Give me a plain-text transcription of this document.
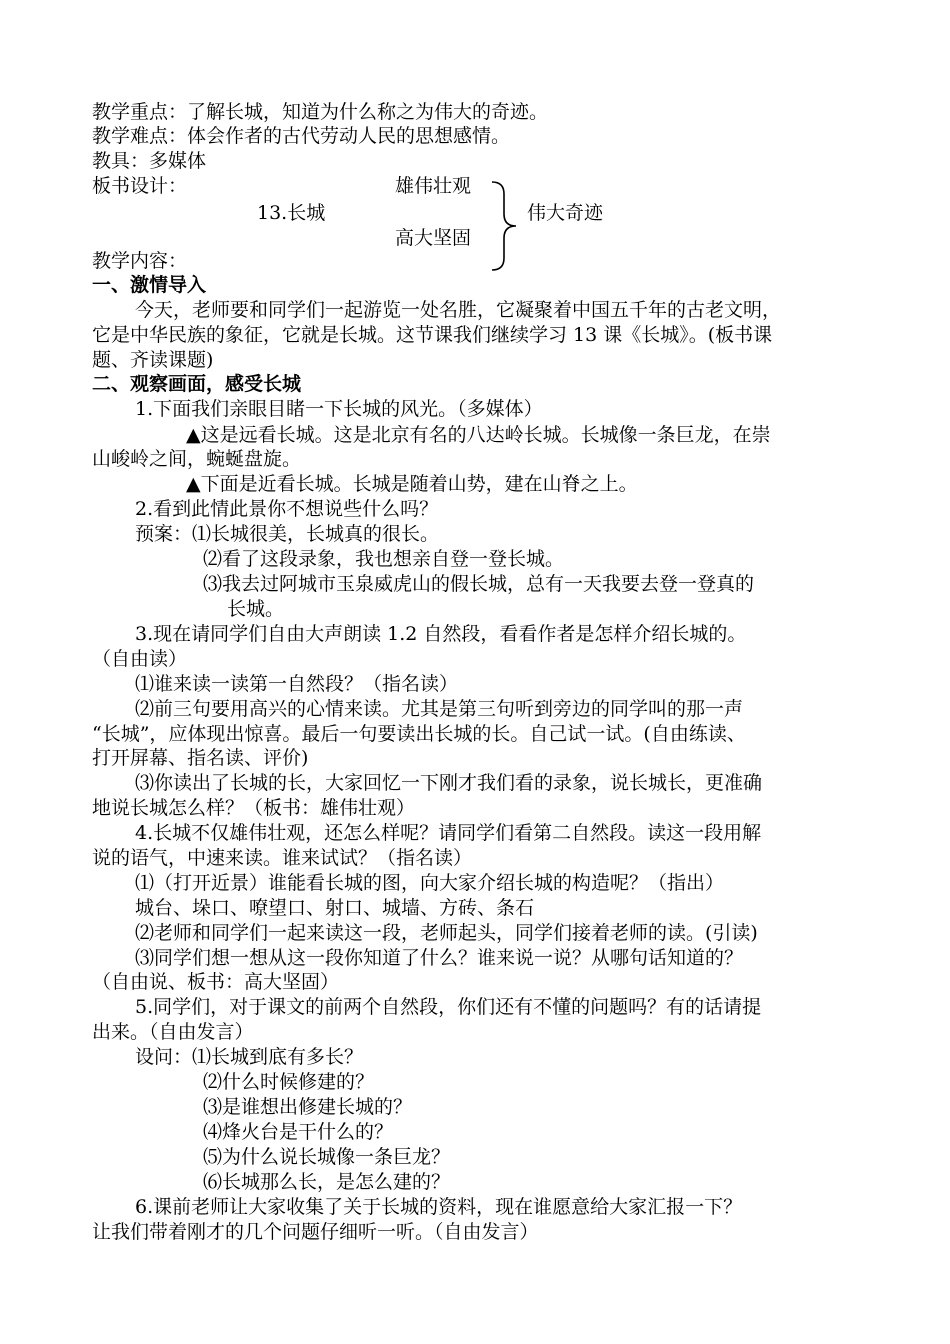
教学重点：了解长城，知道为什么称之为伟大的奇迹。
教学难点：体会作者的古代劳动人民的思想感情。
教具：多媒体
板书设计：	雄伟壮观
13.长城	伟大奇迹
高大坚固
教学内容：
一、激情导入
今天，老师要和同学们一起游览一处名胜，它凝聚着中国五千年的古老文明，
它是中华民族的象征，它就是长城。这节课我们继续学习 13 课《长城》。(板书课
题、齐读课题)
二、观察画面，感受长城
1.下面我们亲眼目睹一下长城的风光。（多媒体）
▲这是远看长城。这是北京有名的八达岭长城。长城像一条巨龙，在崇
山峻岭之间，蜿蜒盘旋。
▲下面是近看长城。长城是随着山势，建在山脊之上。
2.看到此情此景你不想说些什么吗？
预案：⑴长城很美，长城真的很长。
⑵看了这段录象，我也想亲自登一登长城。
⑶我去过阿城市玉泉威虎山的假长城，总有一天我要去登一登真的
长城。
3.现在请同学们自由大声朗读 1.2 自然段，看看作者是怎样介绍长城的。
（自由读）
⑴谁来读一读第一自然段？（指名读）
⑵前三句要用高兴的心情来读。尤其是第三句听到旁边的同学叫的那一声
“长城”，应体现出惊喜。最后一句要读出长城的长。自己试一试。(自由练读、
打开屏幕、指名读、评价)
⑶你读出了长城的长，大家回忆一下刚才我们看的录象，说长城长，更准确
地说长城怎么样？（板书：雄伟壮观）
4.长城不仅雄伟壮观，还怎么样呢？请同学们看第二自然段。读这一段用解
说的语气，中速来读。谁来试试？（指名读）
⑴（打开近景）谁能看长城的图，向大家介绍长城的构造呢？（指出）
城台、垛口、嘹望口、射口、城墙、方砖、条石
⑵老师和同学们一起来读这一段，老师起头，同学们接着老师的读。(引读)
⑶同学们想一想从这一段你知道了什么？谁来说一说？从哪句话知道的？
（自由说、板书：高大坚固）
5.同学们，对于课文的前两个自然段，你们还有不懂的问题吗？有的话请提
出来。（自由发言）
设问：⑴长城到底有多长？
⑵什么时候修建的？
⑶是谁想出修建长城的？
⑷烽火台是干什么的？
⑸为什么说长城像一条巨龙？
⑹长城那么长，是怎么建的？
6.课前老师让大家收集了关于长城的资料，现在谁愿意给大家汇报一下？
让我们带着刚才的几个问题仔细听一听。（自由发言）
